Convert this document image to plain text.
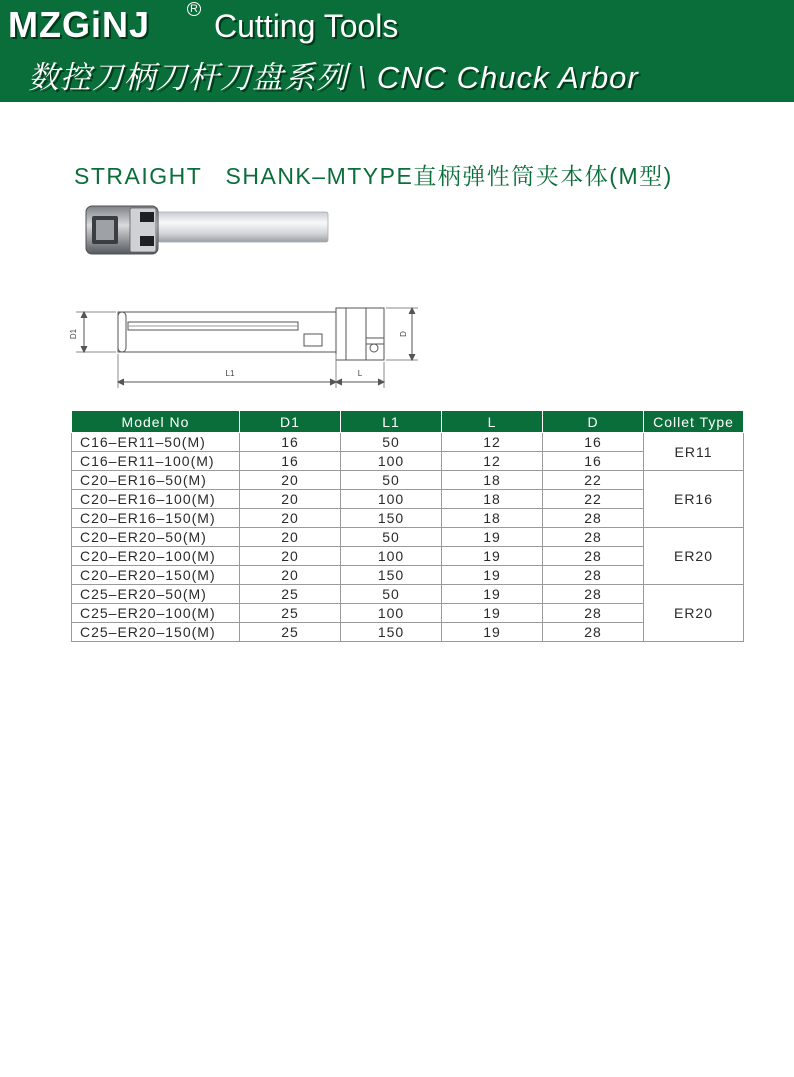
MZGiNJ	R Cutting Tools
数控刀柄刀杆刀盘系列 \ CNC Chuck Arbor
STRAIGHT   SHANK–MTYPE直柄弹性筒夹本体(M型)
D1	D
L1	L
Model No	D1	L1	L	D	Collet Type
C16–ER11–50(M)	16	50	12	16	ER11
C16–ER11–100(M)	16	100	12	16	
C20–ER16–50(M)	20	50	18	22	ER16
C20–ER16–100(M)	20	100	18	22	
C20–ER16–150(M)	20	150	18	28	
C20–ER20–50(M)	20	50	19	28	ER20
C20–ER20–100(M)	20	100	19	28	
C20–ER20–150(M)	20	150	19	28	
C25–ER20–50(M)	25	50	19	28	ER20
C25–ER20–100(M)	25	100	19	28	
C25–ER20–150(M)	25	150	19	28	
